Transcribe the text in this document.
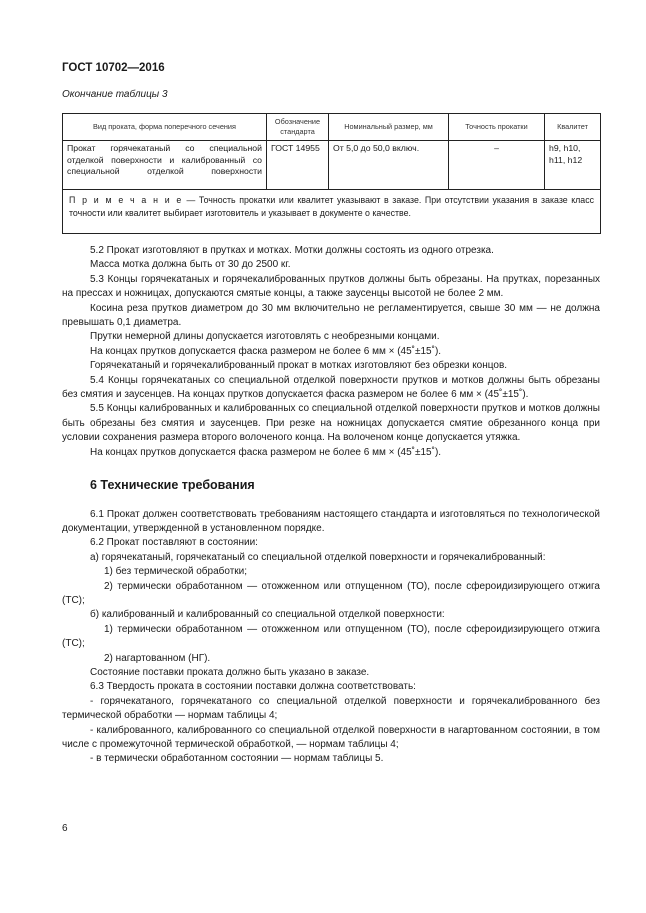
ГОСТ 10702—2016
Окончание таблицы 3
Вид проката, форма поперечного сечения	Обозначение стандарта	Номинальный размер, мм	Точность прокатки	Квалитет
Прокат горячекатаный со специальной отделкой поверхности и калиброванный со специальной отделкой поверхности	ГОСТ 14955	От 5,0 до 50,0 включ.	–	h9, h10, h11, h12
П р и м е ч а н и е — Точность прокатки или квалитет указывают в заказе. При отсутствии указания в заказе класс точности или квалитет выбирает изготовитель и указывает в документе о качестве.				

5.2 Прокат изготовляют в прутках и мотках. Мотки должны состоять из одного отрезка.

Масса мотка должна быть от 30 до 2500 кг.

5.3 Концы горячекатаных и горячекалиброванных прутков должны быть обрезаны. На прутках, порезанных на прессах и ножницах, допускаются смятые концы, а также заусенцы высотой не более 2 мм.

Косина реза прутков диаметром до 30 мм включительно не регламентируется, свыше 30 мм — не должна превышать 0,1 диаметра.

Прутки немерной длины допускается изготовлять с необрезными концами.

На концах прутков допускается фаска размером не более 6 мм × (45˚±15˚).

Горячекатаный и горячекалиброванный прокат в мотках изготовляют без обрезки концов.

5.4 Концы горячекатаных со специальной отделкой поверхности прутков и мотков должны быть обрезаны без смятия и заусенцев. На концах прутков допускается фаска размером не более 6 мм × (45˚±15˚).

5.5 Концы калиброванных и калиброванных со специальной отделкой поверхности прутков и мотков должны быть обрезаны без смятия и заусенцев. При резке на ножницах допускается смятие обрезанного конца при условии сохранения размера второго волоченого конца. На волоченом конце допускается утяжка.

На концах прутков допускается фаска размером не более 6 мм × (45˚±15˚).

6 Технические требования

6.1 Прокат должен соответствовать требованиям настоящего стандарта и изготовляться по технологической документации, утвержденной в установленном порядке.

6.2 Прокат поставляют в состоянии:

а) горячекатаный, горячекатаный со специальной отделкой поверхности и горячекалиброванный:

1) без термической обработки;

2) термически обработанном — отожженном или отпущенном (ТО), после сфероидизирующего отжига (ТС);

б) калиброванный и калиброванный со специальной отделкой поверхности:

1) термически обработанном — отожженном или отпущенном (ТО), после сфероидизирующего отжига (ТС);

2) нагартованном (НГ).

Состояние поставки проката должно быть указано в заказе.

6.3 Твердость проката в состоянии поставки должна соответствовать:

- горячекатаного, горячекатаного со специальной отделкой поверхности и горячекалиброванного без термической обработки — нормам таблицы 4;

- калиброванного, калиброванного со специальной отделкой поверхности в нагартованном состоянии, в том числе с промежуточной термической обработкой, — нормам таблицы 4;

- в термически обработанном состоянии — нормам таблицы 5.

6
